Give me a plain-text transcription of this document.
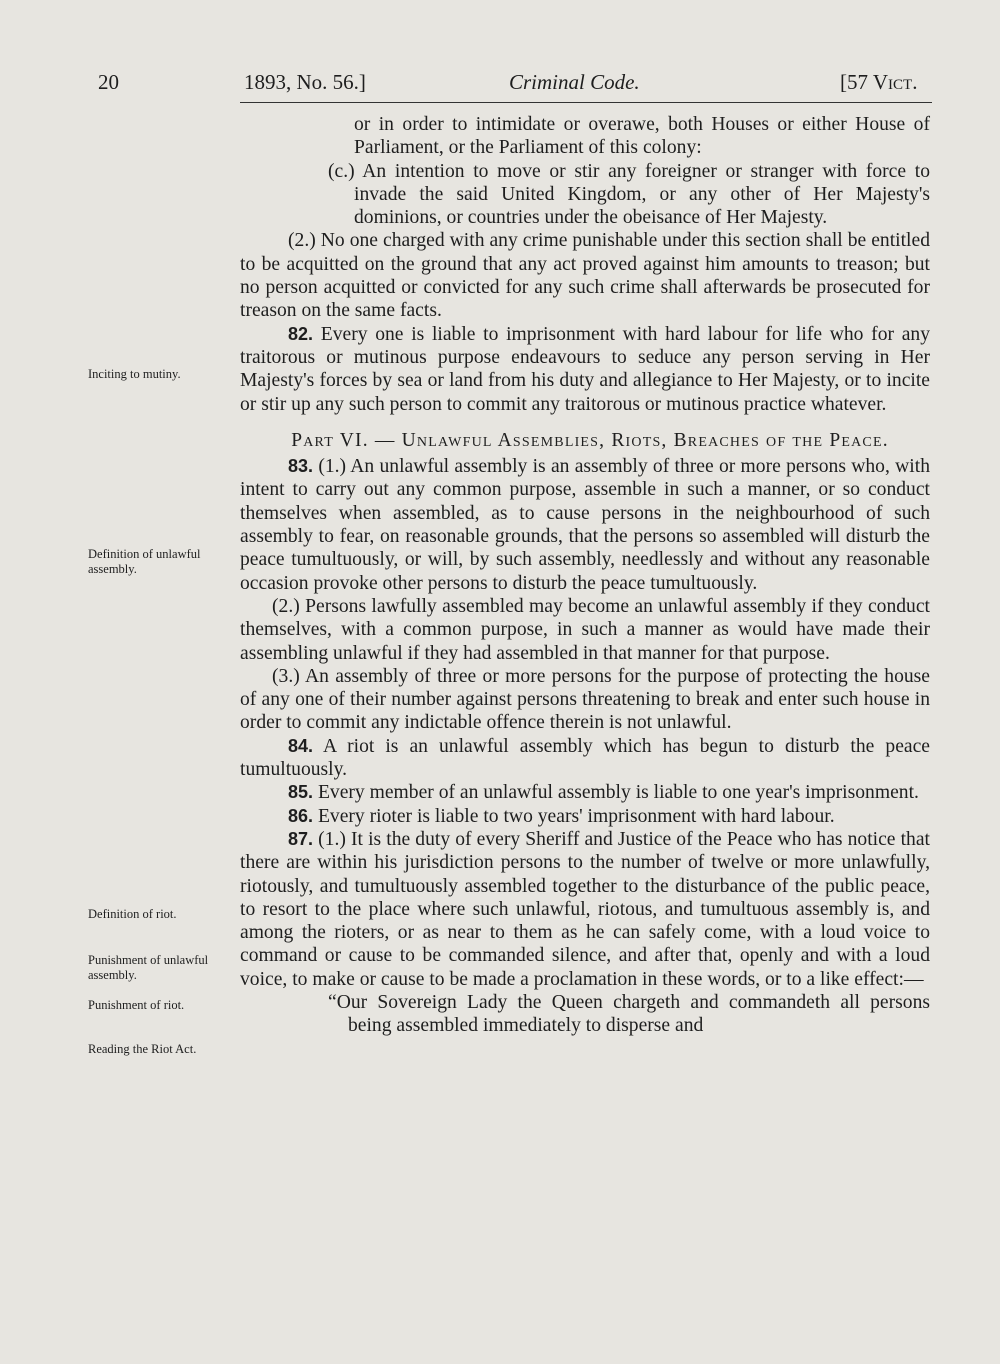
20	1893, No. 56.]	Criminal Code.	[57 Vict.
Inciting to mutiny.
Definition of unlawful assembly.
Definition of riot.
Punishment of unlawful assembly.
Punishment of riot.
Reading the Riot Act.

or in order to intimidate or overawe, both Houses or either House of Parliament, or the Parliament of this colony:

(c.) An intention to move or stir any foreigner or stranger with force to invade the said United Kingdom, or any other of Her Majesty's dominions, or countries under the obeisance of Her Majesty.

(2.) No one charged with any crime punishable under this section shall be entitled to be acquitted on the ground that any act proved against him amounts to treason; but no person acquitted or convicted for any such crime shall afterwards be prosecuted for treason on the same facts.

82. Every one is liable to imprisonment with hard labour for life who for any traitorous or mutinous purpose endeavours to seduce any person serving in Her Majesty's forces by sea or land from his duty and allegiance to Her Majesty, or to incite or stir up any such person to commit any traitorous or mutinous practice whatever.

Part VI. — Unlawful Assemblies, Riots, Breaches of the Peace.

83. (1.) An unlawful assembly is an assembly of three or more persons who, with intent to carry out any common purpose, assemble in such a manner, or so conduct themselves when assembled, as to cause persons in the neighbourhood of such assembly to fear, on reasonable grounds, that the persons so assembled will disturb the peace tumultuously, or will, by such assembly, needlessly and without any reasonable occasion provoke other persons to disturb the peace tumultuously.

(2.) Persons lawfully assembled may become an unlawful assembly if they conduct themselves, with a common purpose, in such a manner as would have made their assembling unlawful if they had assembled in that manner for that purpose.

(3.) An assembly of three or more persons for the purpose of protecting the house of any one of their number against persons threatening to break and enter such house in order to commit any indictable offence therein is not unlawful.

84. A riot is an unlawful assembly which has begun to disturb the peace tumultuously.

85. Every member of an unlawful assembly is liable to one year's imprisonment.

86. Every rioter is liable to two years' imprisonment with hard labour.

87. (1.) It is the duty of every Sheriff and Justice of the Peace who has notice that there are within his jurisdiction persons to the number of twelve or more unlawfully, riotously, and tumultuously assembled together to the disturbance of the public peace, to resort to the place where such unlawful, riotous, and tumultuous assembly is, and among the rioters, or as near to them as he can safely come, with a loud voice to command or cause to be commanded silence, and after that, openly and with a loud voice, to make or cause to be made a proclamation in these words, or to a like effect:—

“Our Sovereign Lady the Queen chargeth and commandeth all persons being assembled immediately to disperse and
